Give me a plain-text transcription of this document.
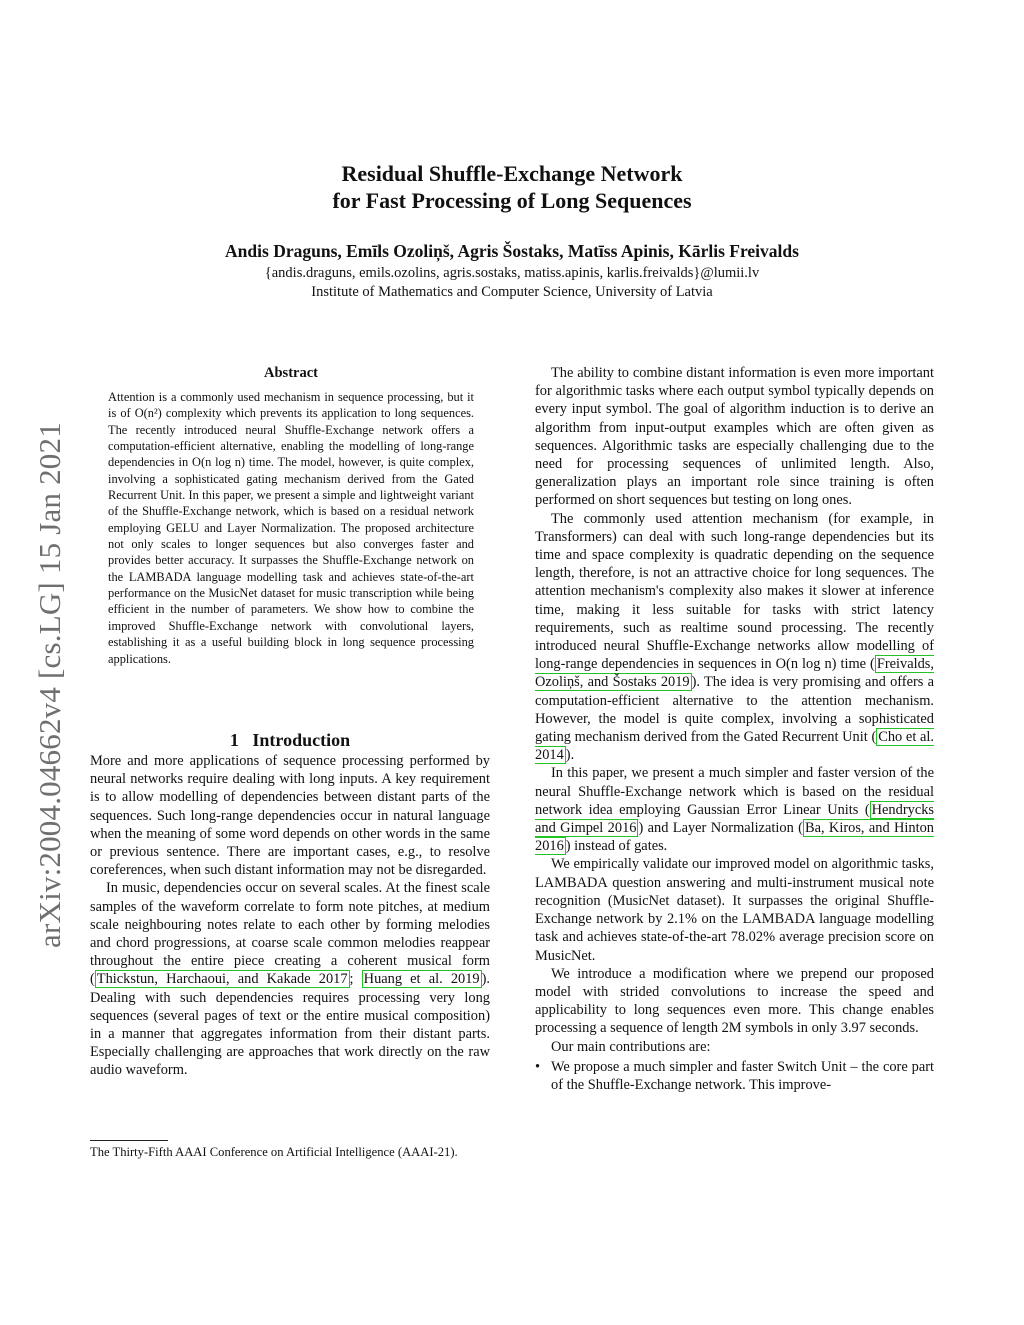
arXiv:2004.04662v4 [cs.LG] 15 Jan 2021
Residual Shuffle-Exchange Network
for Fast Processing of Long Sequences
Andis Draguns, Emīls Ozoliņš, Agris Šostaks, Matīss Apinis, Kārlis Freivalds
{andis.draguns, emils.ozolins, agris.sostaks, matiss.apinis, karlis.freivalds}@lumii.lv
Institute of Mathematics and Computer Science, University of Latvia
Abstract
Attention is a commonly used mechanism in sequence processing, but it is of O(n²) complexity which prevents its application to long sequences. The recently introduced neural Shuffle-Exchange network offers a computation-efficient alternative, enabling the modelling of long-range dependencies in O(n log n) time. The model, however, is quite complex, involving a sophisticated gating mechanism derived from the Gated Recurrent Unit. In this paper, we present a simple and lightweight variant of the Shuffle-Exchange network, which is based on a residual network employing GELU and Layer Normalization. The proposed architecture not only scales to longer sequences but also converges faster and provides better accuracy. It surpasses the Shuffle-Exchange network on the LAMBADA language modelling task and achieves state-of-the-art performance on the MusicNet dataset for music transcription while being efficient in the number of parameters. We show how to combine the improved Shuffle-Exchange network with convolutional layers, establishing it as a useful building block in long sequence processing applications.
1 Introduction

More and more applications of sequence processing performed by neural networks require dealing with long inputs. A key requirement is to allow modelling of dependencies between distant parts of the sequences. Such long-range dependencies occur in natural language when the meaning of some word depends on other words in the same or previous sentence. There are important cases, e.g., to resolve coreferences, when such distant information may not be disregarded.

In music, dependencies occur on several scales. At the finest scale samples of the waveform correlate to form note pitches, at medium scale neighbouring notes relate to each other by forming melodies and chord progressions, at coarse scale common melodies reappear throughout the entire piece creating a coherent musical form ( Thickstun, Harchaoui, and Kakade 2017 ; Huang et al. 2019 ). Dealing with such dependencies requires processing very long sequences (several pages of text or the entire musical composition) in a manner that aggregates information from their distant parts. Especially challenging are approaches that work directly on the raw audio waveform.

The Thirty-Fifth AAAI Conference on Artificial Intelligence (AAAI-21).

The ability to combine distant information is even more important for algorithmic tasks where each output symbol typically depends on every input symbol. The goal of algorithm induction is to derive an algorithm from input-output examples which are often given as sequences. Algorithmic tasks are especially challenging due to the need for processing sequences of unlimited length. Also, generalization plays an important role since training is often performed on short sequences but testing on long ones.

The commonly used attention mechanism (for example, in Transformers) can deal with such long-range dependencies but its time and space complexity is quadratic depending on the sequence length, therefore, is not an attractive choice for long sequences. The attention mechanism's complexity also makes it slower at inference time, making it less suitable for tasks with strict latency requirements, such as realtime sound processing. The recently introduced neural Shuffle-Exchange networks allow modelling of long-range dependencies in sequences in O(n log n) time ( Freivalds, Ozoliņš, and Šostaks 2019 ). The idea is very promising and offers a computation-efficient alternative to the attention mechanism. However, the model is quite complex, involving a sophisticated gating mechanism derived from the Gated Recurrent Unit ( Cho et al. 2014 ).

In this paper, we present a much simpler and faster version of the neural Shuffle-Exchange network which is based on the residual network idea employing Gaussian Error Linear Units ( Hendrycks and Gimpel 2016 ) and Layer Normalization ( Ba, Kiros, and Hinton 2016 ) instead of gates.

We empirically validate our improved model on algorithmic tasks, LAMBADA question answering and multi-instrument musical note recognition (MusicNet dataset). It surpasses the original Shuffle-Exchange network by 2.1% on the LAMBADA language modelling task and achieves state-of-the-art 78.02% average precision score on MusicNet.

We introduce a modification where we prepend our proposed model with strided convolutions to increase the speed and applicability to long sequences even more. This change enables processing a sequence of length 2M symbols in only 3.97 seconds.

Our main contributions are:

• We propose a much simpler and faster Switch Unit – the core part of the Shuffle-Exchange network. This improve-
